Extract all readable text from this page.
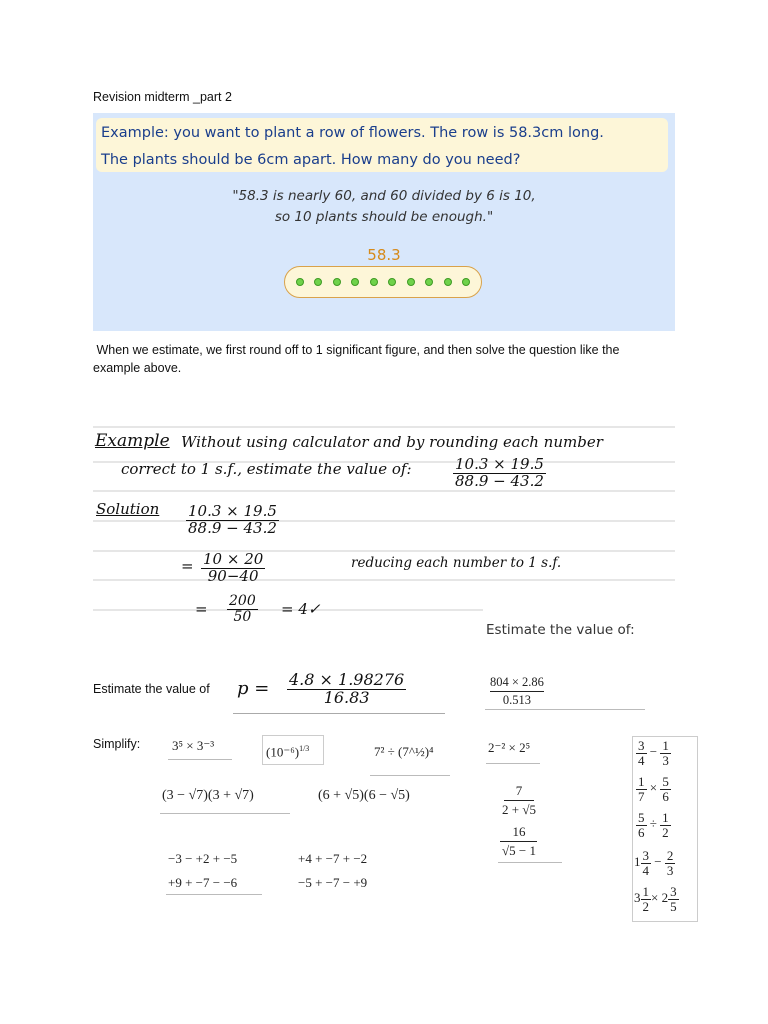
Revision midterm _part 2

Example: you want to plant a row of flowers. The row is 58.3cm long.

The plants should be 6cm apart. How many do you need?

"58.3 is nearly 60, and 60 divided by 6 is 10,
so 10 plants should be enough."
58.3
When we estimate, we first round off to 1 significant figure, and then solve the question like the
example above.
Example Without using calculator and by rounding each number
correct to 1 s.f., estimate the value of:	$\frac{10.3 \times 19.5}{88.9 - 43.2}$
Solution $\frac{10.3 \times 19.5}{88.9 - 43.2}$
= $\frac{10 \times 20}{90-40}$	reducing each number to 1 s.f.
= $\frac{200}{50}$ = 4✓
Estimate the value of:
Estimate the value of $p = \frac{4.8 \times 1.98276}{16.83}$	$\frac{804 \times 2.86}{0.513}$
Simplify:	3⁵ × 3⁻³	$(10^{-6})^{1/3}$	7² ÷ (7^½)⁴	2⁻² × 2⁵	$\frac{3}{4} - \frac{1}{3}$
$\frac{1}{7} \times \frac{5}{6}$
$\frac{5}{6} \div \frac{1}{2}$
$1 \frac{3}{4} - \frac{2}{3}$
$3 \frac{1}{2} \times 2 \frac{3}{5}$
(3 − √7)(3 + √7)	(6 + √5)(6 − √5)	$\frac{7}{2 + √5}$
$\frac{16}{√5 - 1}$
−3 − +2 + −5	+4 + −7 + −2
+9 + −7 − −6	−5 + −7 − +9
